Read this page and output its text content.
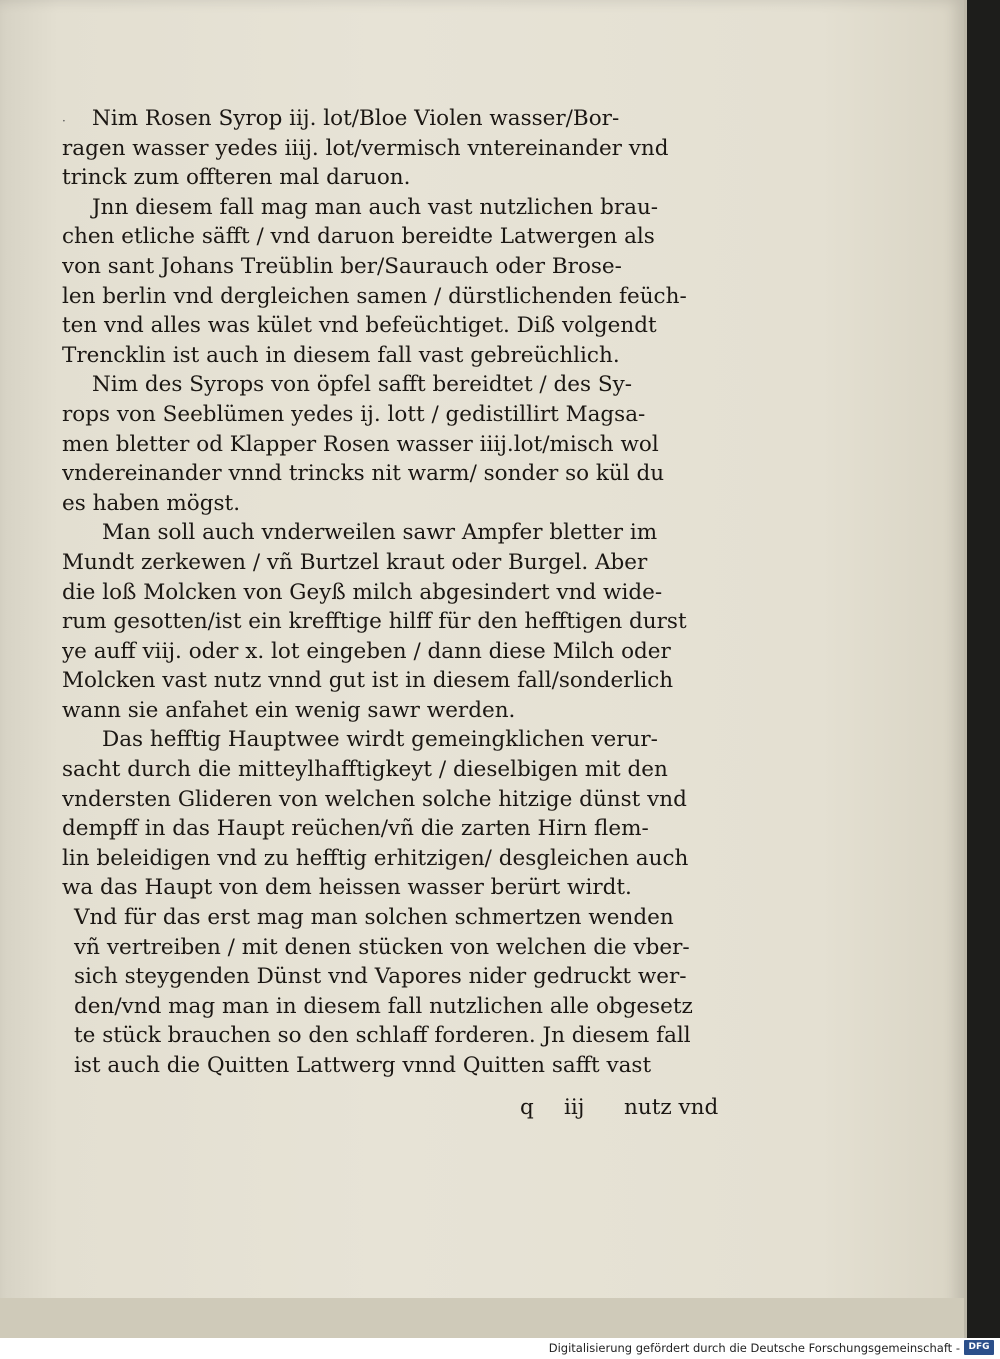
·	Nim Rosen Syrop iij. lot/Bloe Violen wasser/Bor-
ragen wasser yedes iiij. lot/vermisch vntereinander vnd
trinck zum offteren mal daruon.
Jnn diesem fall mag man auch vast nutzlichen brau-
chen etliche säfft / vnd daruon bereidte Latwergen als
von sant Johans Treüblin ber/Saurauch oder Brose-
len berlin vnd dergleichen samen / dürstlichenden feüch-
ten vnd alles was kület vnd befeüchtiget. Diß volgendt
Trencklin ist auch in diesem fall vast gebreüchlich.
Nim des Syrops von öpfel safft bereidtet / des Sy-
rops von Seeblümen yedes ij. lott / gedistillirt Magsa-
men bletter od Klapper Rosen wasser iiij.lot/misch wol
vndereinander vnnd trincks nit warm/ sonder so kül du
es haben mögst.
Man soll auch vnderweilen sawr Ampfer bletter im
Mundt zerkewen / vñ Burtzel kraut oder Burgel. Aber
die loß Molcken von Geyß milch abgesindert vnd wide-
rum gesotten/ist ein krefftige hilff für den hefftigen durst
ye auff viij. oder x. lot eingeben / dann diese Milch oder
Molcken vast nutz vnnd gut ist in diesem fall/sonderlich
wann sie anfahet ein wenig sawr werden.
Das hefftig Hauptwee wirdt gemeingklichen verur-
sacht durch die mitteylhafftigkeyt / dieselbigen mit den
vndersten Glideren von welchen solche hitzige dünst vnd
dempff in das Haupt reüchen/vñ die zarten Hirn flem-
lin beleidigen vnd zu hefftig erhitzigen/ desgleichen auch
wa das Haupt von dem heissen wasser berürt wirdt.
Vnd für das erst mag man solchen schmertzen wenden
vñ vertreiben / mit denen stücken von welchen die vber-
sich steygenden Dünst vnd Vapores nider gedruckt wer-
den/vnd mag man in diesem fall nutzlichen alle obgesetz
te stück brauchen so den schlaff forderen. Jn diesem fall
ist auch die Quitten Lattwerg vnnd Quitten safft vast
q iij nutz vnd
Digitalisierung gefördert durch die Deutsche Forschungsgemeinschaft - DFG
